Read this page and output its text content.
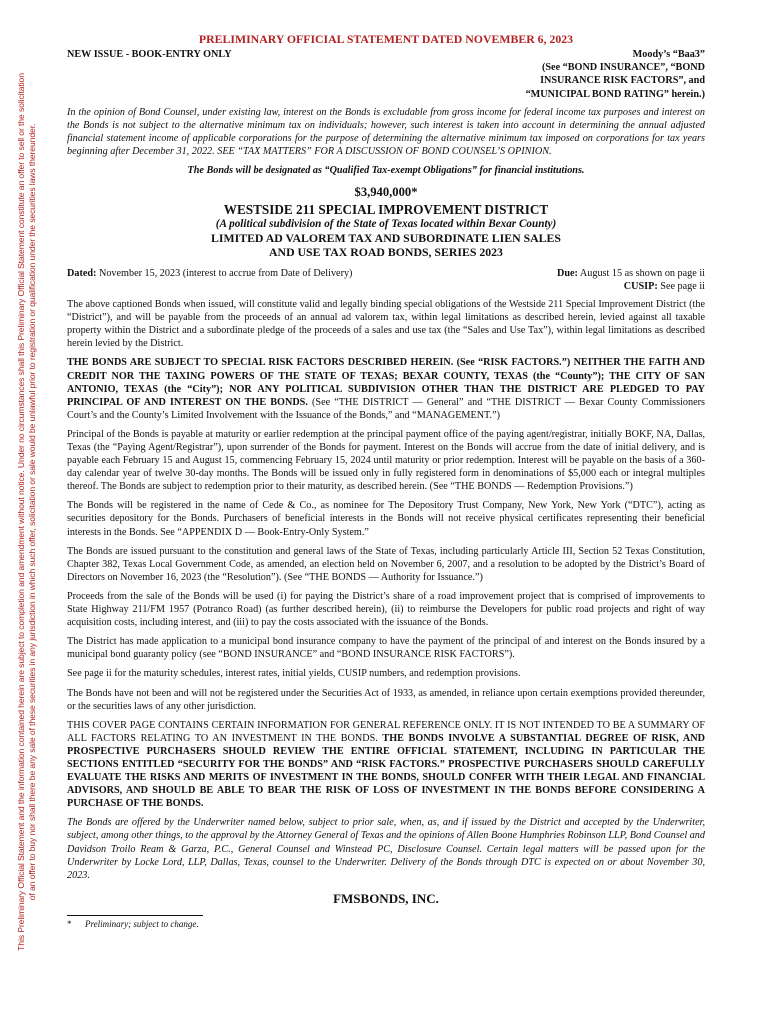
This Preliminary Official Statement and the information contained herein are subject to completion and amendment without notice. Under no circumstances shall this Preliminary Official Statement constitute an offer to sell or the solicitation of an offer to buy nor shall there be any sale of these securities in any jurisdiction in which such offer, solicitation or sale would be unlawful prior to registration or qualification under the securities laws thereunder.
PRELIMINARY OFFICIAL STATEMENT DATED NOVEMBER 6, 2023
NEW ISSUE - BOOK-ENTRY ONLY	Moody’s “Baa3”
(See “BOND INSURANCE”, “BOND
INSURANCE RISK FACTORS”, and
“MUNICIPAL BOND RATING” herein.)

In the opinion of Bond Counsel, under existing law, interest on the Bonds is excludable from gross income for federal income tax purposes and interest on the Bonds is not subject to the alternative minimum tax on individuals; however, such interest is taken into account in determining the annual adjusted financial statement income of applicable corporations for the purpose of determining the alternative minimum tax imposed on corporations for tax years beginning after December 31, 2022. SEE “TAX MATTERS” FOR A DISCUSSION OF BOND COUNSEL’S OPINION.

The Bonds will be designated as “Qualified Tax-exempt Obligations” for financial institutions.
$3,940,000*
WESTSIDE 211 SPECIAL IMPROVEMENT DISTRICT
(A political subdivision of the State of Texas located within Bexar County)
LIMITED AD VALOREM TAX AND SUBORDINATE LIEN SALES
AND USE TAX ROAD BONDS, SERIES 2023
Dated: November 15, 2023 (interest to accrue from Date of Delivery)	Due: August 15 as shown on page ii
CUSIP: See page ii

The above captioned Bonds when issued, will constitute valid and legally binding special obligations of the Westside 211 Special Improvement District (the “District”), and will be payable from the proceeds of an annual ad valorem tax, within legal limitations as described herein, levied against all taxable property within the District and a subordinate pledge of the proceeds of a sales and use tax (the “Sales and Use Tax”), within legal limitations as described herein levied by the District.

THE BONDS ARE SUBJECT TO SPECIAL RISK FACTORS DESCRIBED HEREIN. (See “RISK FACTORS.”) NEITHER THE FAITH AND CREDIT NOR THE TAXING POWERS OF THE STATE OF TEXAS; BEXAR COUNTY, TEXAS (the “County”); THE CITY OF SAN ANTONIO, TEXAS (the “City”); NOR ANY POLITICAL SUBDIVISION OTHER THAN THE DISTRICT ARE PLEDGED TO PAY PRINCIPAL OF AND INTEREST ON THE BONDS. (See “THE DISTRICT — General” and “THE DISTRICT — Bexar County Commissioners Court’s and the County’s Limited Involvement with the Issuance of the Bonds,” and “MANAGEMENT.”)

Principal of the Bonds is payable at maturity or earlier redemption at the principal payment office of the paying agent/registrar, initially BOKF, NA, Dallas, Texas (the “Paying Agent/Registrar”), upon surrender of the Bonds for payment. Interest on the Bonds will accrue from the date of initial delivery, and is payable each February 15 and August 15, commencing February 15, 2024 until maturity or prior redemption. Interest will be payable on the basis of a 360-day calendar year of twelve 30-day months. The Bonds will be issued only in fully registered form in denominations of $5,000 each or integral multiples thereof. The Bonds are subject to redemption prior to their maturity, as described herein. (See “THE BONDS — Redemption Provisions.”)

The Bonds will be registered in the name of Cede & Co., as nominee for The Depository Trust Company, New York, New York (“DTC”), acting as securities depository for the Bonds. Purchasers of beneficial interests in the Bonds will not receive physical certificates representing their beneficial interests in the Bonds. See “APPENDIX D — Book-Entry-Only System.”

The Bonds are issued pursuant to the constitution and general laws of the State of Texas, including particularly Article III, Section 52 Texas Constitution, Chapter 382, Texas Local Government Code, as amended, an election held on November 6, 2007, and a resolution to be adopted by the District’s Board of Directors on November 16, 2023 (the “Resolution”). (See “THE BONDS — Authority for Issuance.”)

Proceeds from the sale of the Bonds will be used (i) for paying the District’s share of a road improvement project that is comprised of improvements to State Highway 211/FM 1957 (Potranco Road) (as further described herein), (ii) to reimburse the Developers for public road projects and right of way acquisition costs, including interest, and (iii) to pay the costs associated with the issuance of the Bonds.

The District has made application to a municipal bond insurance company to have the payment of the principal of and interest on the Bonds insured by a municipal bond guaranty policy (see “BOND INSURANCE” and “BOND INSURANCE RISK FACTORS”).

See page ii for the maturity schedules, interest rates, initial yields, CUSIP numbers, and redemption provisions.

The Bonds have not been and will not be registered under the Securities Act of 1933, as amended, in reliance upon certain exemptions provided thereunder, or the securities laws of any other jurisdiction.

THIS COVER PAGE CONTAINS CERTAIN INFORMATION FOR GENERAL REFERENCE ONLY. IT IS NOT INTENDED TO BE A SUMMARY OF ALL FACTORS RELATING TO AN INVESTMENT IN THE BONDS. THE BONDS INVOLVE A SUBSTANTIAL DEGREE OF RISK, AND PROSPECTIVE PURCHASERS SHOULD REVIEW THE ENTIRE OFFICIAL STATEMENT, INCLUDING IN PARTICULAR THE SECTIONS ENTITLED “SECURITY FOR THE BONDS” AND “RISK FACTORS.” PROSPECTIVE PURCHASERS SHOULD CAREFULLY EVALUATE THE RISKS AND MERITS OF INVESTMENT IN THE BONDS, SHOULD CONFER WITH THEIR LEGAL AND FINANCIAL ADVISORS, AND SHOULD BE ABLE TO BEAR THE RISK OF LOSS OF INVESTMENT IN THE BONDS BEFORE CONSIDERING A PURCHASE OF THE BONDS.

The Bonds are offered by the Underwriter named below, subject to prior sale, when, as, and if issued by the District and accepted by the Underwriter, subject, among other things, to the approval by the Attorney General of Texas and the opinions of Allen Boone Humphries Robinson LLP, Bond Counsel and Davidson Troilo Ream & Garza, P.C., General Counsel and Winstead PC, Disclosure Counsel. Certain legal matters will be passed upon for the Underwriter by Locke Lord, LLP, Dallas, Texas, counsel to the Underwriter. Delivery of the Bonds through DTC is expected on or about November 30, 2023.

FMSBONDS, INC.
* Preliminary; subject to change.
